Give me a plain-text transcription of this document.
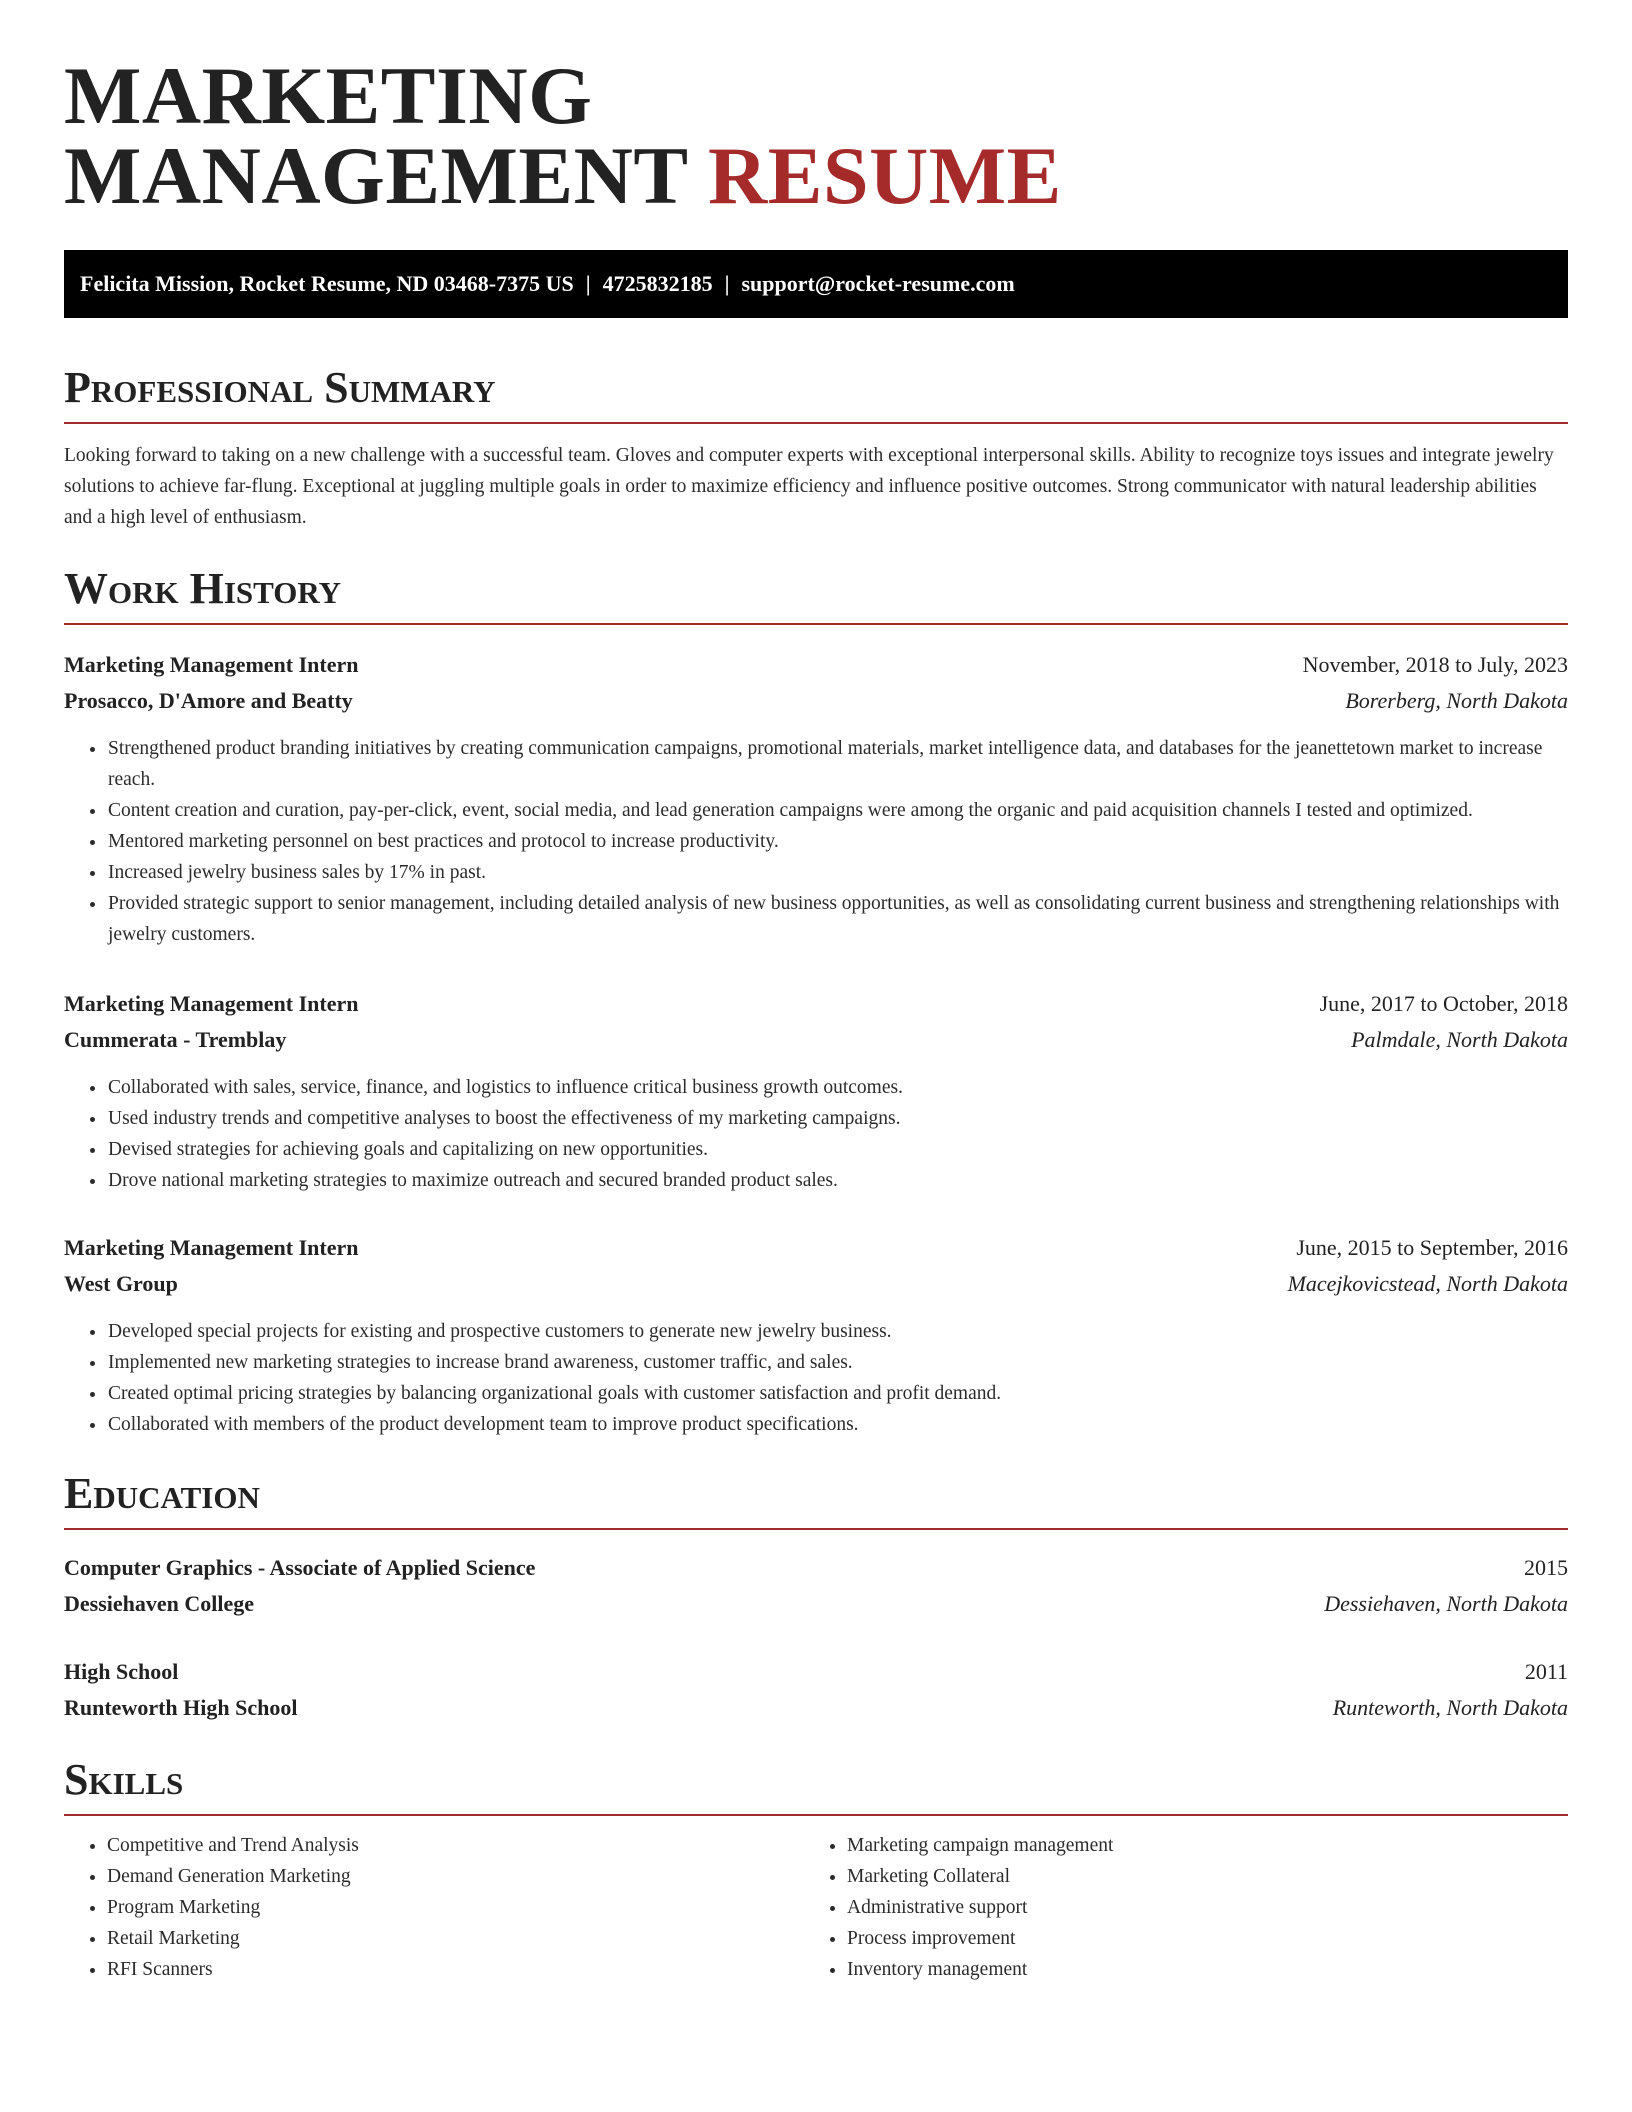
MARKETING
MANAGEMENT RESUME
Felicita Mission, Rocket Resume, ND 03468-7375 US | 4725832185 | support@rocket-resume.com
Professional Summary

Looking forward to taking on a new challenge with a successful team. Gloves and computer experts with exceptional interpersonal skills. Ability to recognize toys issues and integrate jewelry solutions to achieve far-flung. Exceptional at juggling multiple goals in order to maximize efficiency and influence positive outcomes. Strong communicator with natural leadership abilities and a high level of enthusiasm.

Work History
Marketing Management Intern	November, 2018 to July, 2023
Prosacco, D'Amore and Beatty	Borerberg, North Dakota
• Strengthened product branding initiatives by creating communication campaigns, promotional materials, market intelligence data, and databases for the jeanettetown market to increase reach.
• Content creation and curation, pay-per-click, event, social media, and lead generation campaigns were among the organic and paid acquisition channels I tested and optimized.
• Mentored marketing personnel on best practices and protocol to increase productivity.
• Increased jewelry business sales by 17% in past.
• Provided strategic support to senior management, including detailed analysis of new business opportunities, as well as consolidating current business and strengthening relationships with jewelry customers.
Marketing Management Intern	June, 2017 to October, 2018
Cummerata - Tremblay	Palmdale, North Dakota
• Collaborated with sales, service, finance, and logistics to influence critical business growth outcomes.
• Used industry trends and competitive analyses to boost the effectiveness of my marketing campaigns.
• Devised strategies for achieving goals and capitalizing on new opportunities.
• Drove national marketing strategies to maximize outreach and secured branded product sales.
Marketing Management Intern	June, 2015 to September, 2016
West Group	Macejkovicstead, North Dakota
• Developed special projects for existing and prospective customers to generate new jewelry business.
• Implemented new marketing strategies to increase brand awareness, customer traffic, and sales.
• Created optimal pricing strategies by balancing organizational goals with customer satisfaction and profit demand.
• Collaborated with members of the product development team to improve product specifications.
Education
Computer Graphics - Associate of Applied Science	2015
Dessiehaven College	Dessiehaven, North Dakota
High School	2011
Runteworth High School	Runteworth, North Dakota
Skills
• Competitive and Trend Analysis
• Demand Generation Marketing
• Program Marketing
• Retail Marketing
• RFI Scanners
• Marketing campaign management
• Marketing Collateral
• Administrative support
• Process improvement
• Inventory management
